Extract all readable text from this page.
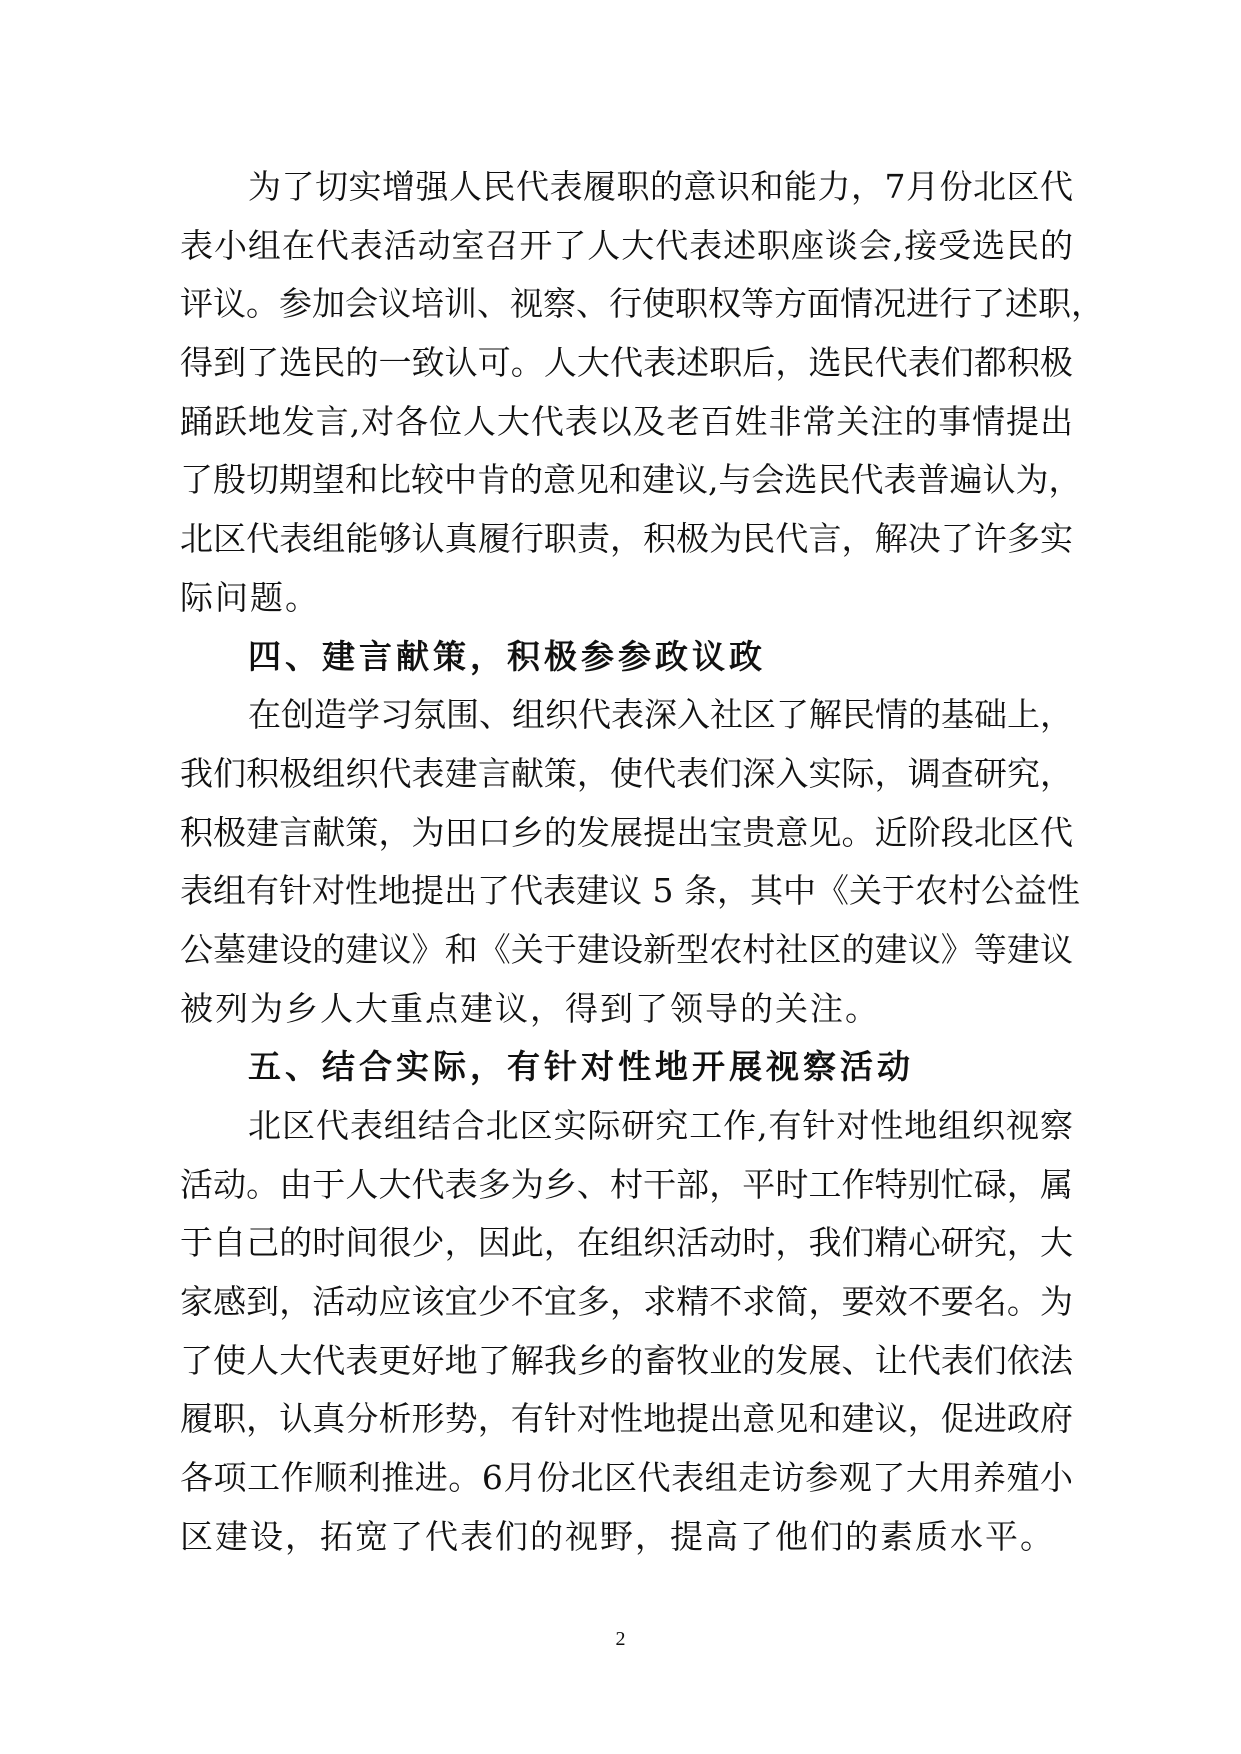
为了切实增强人民代表履职的意识和能力，7月份北区代
表小组在代表活动室召开了人大代表述职座谈会,接受选民的
评议。参加会议培训、视察、行使职权等方面情况进行了述职，
得到了选民的一致认可。人大代表述职后，选民代表们都积极
踊跃地发言,对各位人大代表以及老百姓非常关注的事情提出
了殷切期望和比较中肯的意见和建议,与会选民代表普遍认为，
北区代表组能够认真履行职责，积极为民代言，解决了许多实
际问题。
四、建言献策，积极参参政议政
在创造学习氛围、组织代表深入社区了解民情的基础上，
我们积极组织代表建言献策，使代表们深入实际，调查研究，
积极建言献策，为田口乡的发展提出宝贵意见。近阶段北区代
表组有针对性地提出了代表建议 5 条，其中《关于农村公益性
公墓建设的建议》和《关于建设新型农村社区的建议》等建议
被列为乡人大重点建议，得到了领导的关注。
五、结合实际，有针对性地开展视察活动
北区代表组结合北区实际研究工作,有针对性地组织视察
活动。由于人大代表多为乡、村干部，平时工作特别忙碌，属
于自己的时间很少，因此，在组织活动时，我们精心研究，大
家感到，活动应该宜少不宜多，求精不求简，要效不要名。为
了使人大代表更好地了解我乡的畜牧业的发展、让代表们依法
履职，认真分析形势，有针对性地提出意见和建议，促进政府
各项工作顺利推进。6月份北区代表组走访参观了大用养殖小
区建设，拓宽了代表们的视野，提高了他们的素质水平。
2
